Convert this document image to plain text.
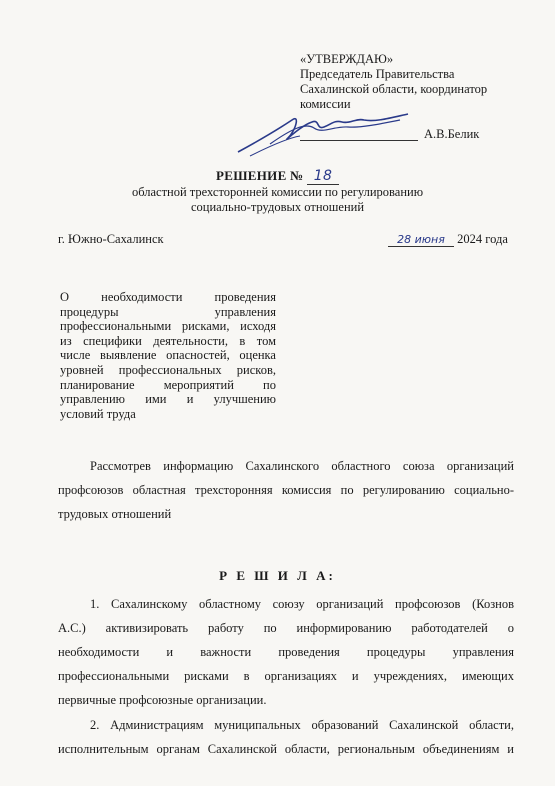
«УТВЕРЖДАЮ»
Председатель Правительства
Сахалинской области, координатор
комиссии
А.В.Белик
РЕШЕНИЕ № 18
областной трехсторонней комиссии по регулированию
социально-трудовых отношений
г. Южно-Сахалинск	28 июня 2024 года
О необходимости проведения
процедуры управления
профессиональными рисками, исходя
из специфики деятельности, в том
числе выявление опасностей, оценка
уровней профессиональных рисков,
планирование мероприятий по
управлению ими и улучшению
условий труда
Рассмотрев информацию Сахалинского областного союза организаций
профсоюзов областная трехсторонняя комиссия по регулированию социально-
трудовых отношений
Р Е Ш И Л А:
1. Сахалинскому областному союзу организаций профсоюзов (Кознов
А.С.) активизировать работу по информированию работодателей о
необходимости и важности проведения процедуры управления
профессиональными рисками в организациях и учреждениях, имеющих
первичные профсоюзные организации.
2. Администрациям муниципальных образований Сахалинской области,
исполнительным органам Сахалинской области, региональным объединениям и
